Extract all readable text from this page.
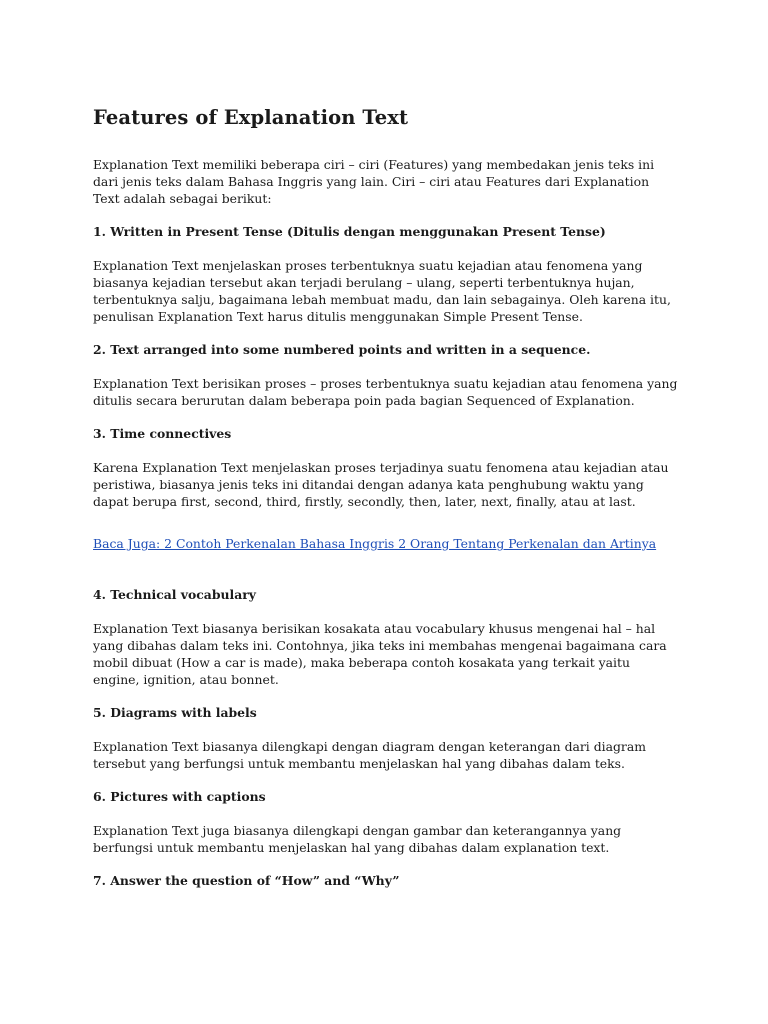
Features of Explanation Text

Explanation Text memiliki beberapa ciri – ciri (Features) yang membedakan jenis teks ini dari jenis teks dalam Bahasa Inggris yang lain. Ciri – ciri atau Features dari Explanation Text adalah sebagai berikut:

1. Written in Present Tense (Ditulis dengan menggunakan Present Tense)

Explanation Text menjelaskan proses terbentuknya suatu kejadian atau fenomena yang biasanya kejadian tersebut akan terjadi berulang – ulang, seperti terbentuknya hujan, terbentuknya salju, bagaimana lebah membuat madu, dan lain sebagainya. Oleh karena itu, penulisan Explanation Text harus ditulis menggunakan Simple Present Tense.

2. Text arranged into some numbered points and written in a sequence.

Explanation Text berisikan proses – proses terbentuknya suatu kejadian atau fenomena yang ditulis secara berurutan dalam beberapa poin pada bagian Sequenced of Explanation.

3. Time connectives

Karena Explanation Text menjelaskan proses terjadinya suatu fenomena atau kejadian atau peristiwa, biasanya jenis teks ini ditandai dengan adanya kata penghubung waktu yang dapat berupa first, second, third, firstly, secondly, then, later, next, finally, atau at last.

Baca Juga: 2 Contoh Perkenalan Bahasa Inggris 2 Orang Tentang Perkenalan dan Artinya

4. Technical vocabulary

Explanation Text biasanya berisikan kosakata atau vocabulary khusus mengenai hal – hal yang dibahas dalam teks ini. Contohnya, jika teks ini membahas mengenai bagaimana cara mobil dibuat (How a car is made), maka beberapa contoh kosakata yang terkait yaitu engine, ignition, atau bonnet.

5. Diagrams with labels

Explanation Text biasanya dilengkapi dengan diagram dengan keterangan dari diagram tersebut yang berfungsi untuk membantu menjelaskan hal yang dibahas dalam teks.

6. Pictures with captions

Explanation Text juga biasanya dilengkapi dengan gambar dan keterangannya yang berfungsi untuk membantu menjelaskan hal yang dibahas dalam explanation text.

7. Answer the question of “How” and “Why”
